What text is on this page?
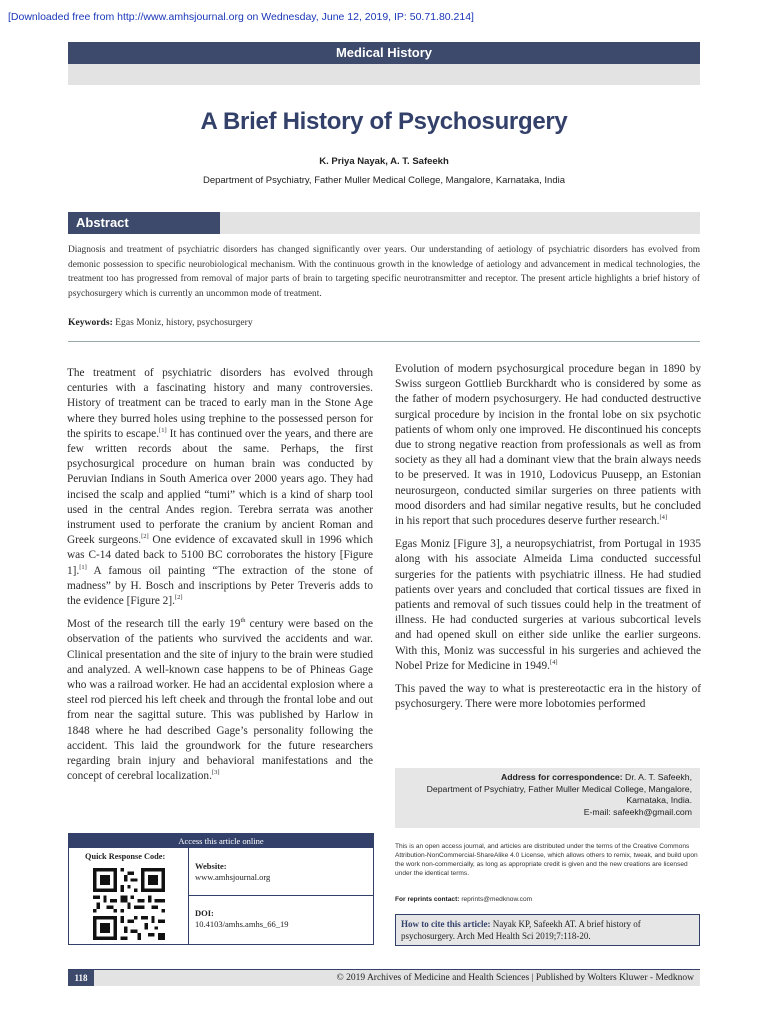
[Downloaded free from http://www.amhsjournal.org on Wednesday, June 12, 2019, IP: 50.71.80.214]
Medical History
A Brief History of Psychosurgery
K. Priya Nayak, A. T. Safeekh
Department of Psychiatry, Father Muller Medical College, Mangalore, Karnataka, India
Abstract
Diagnosis and treatment of psychiatric disorders has changed significantly over years. Our understanding of aetiology of psychiatric disorders has evolved from demonic possession to specific neurobiological mechanism. With the continuous growth in the knowledge of aetiology and advancement in medical technologies, the treatment too has progressed from removal of major parts of brain to targeting specific neurotransmitter and receptor. The present article highlights a brief history of psychosurgery which is currently an uncommon mode of treatment.
Keywords: Egas Moniz, history, psychosurgery

The treatment of psychiatric disorders has evolved through centuries with a fascinating history and many controversies. History of treatment can be traced to early man in the Stone Age where they burred holes using trephine to the possessed person for the spirits to escape.[1] It has continued over the years, and there are few written records about the same. Perhaps, the first psychosurgical procedure on human brain was conducted by Peruvian Indians in South America over 2000 years ago. They had incised the scalp and applied “tumi” which is a kind of sharp tool used in the central Andes region. Terebra serrata was another instrument used to perforate the cranium by ancient Roman and Greek surgeons.[2] One evidence of excavated skull in 1996 which was C-14 dated back to 5100 BC corroborates the history [Figure 1].[1] A famous oil painting “The extraction of the stone of madness” by H. Bosch and inscriptions by Peter Treveris adds to the evidence [Figure 2].[2]

Most of the research till the early 19th century were based on the observation of the patients who survived the accidents and war. Clinical presentation and the site of injury to the brain were studied and analyzed. A well-known case happens to be of Phineas Gage who was a railroad worker. He had an accidental explosion where a steel rod pierced his left cheek and through the frontal lobe and out from near the sagittal suture. This was published by Harlow in 1848 where he had described Gage’s personality following the accident. This laid the groundwork for the future researchers regarding brain injury and behavioral manifestations and the concept of cerebral localization.[3]

Evolution of modern psychosurgical procedure began in 1890 by Swiss surgeon Gottlieb Burckhardt who is considered by some as the father of modern psychosurgery. He had conducted destructive surgical procedure by incision in the frontal lobe on six psychotic patients of whom only one improved. He discontinued his concepts due to strong negative reaction from professionals as well as from society as they all had a dominant view that the brain always needs to be preserved. It was in 1910, Lodovicus Puusepp, an Estonian neurosurgeon, conducted similar surgeries on three patients with mood disorders and had similar negative results, but he concluded in his report that such procedures deserve further research.[4]

Egas Moniz [Figure 3], a neuropsychiatrist, from Portugal in 1935 along with his associate Almeida Lima conducted successful surgeries for the patients with psychiatric illness. He had studied patients over years and concluded that cortical tissues are fixed in patients and removal of such tissues could help in the treatment of illness. He had conducted surgeries at various subcortical levels and had opened skull on either side unlike the earlier surgeons. With this, Moniz was successful in his surgeries and achieved the Nobel Prize for Medicine in 1949.[4]

This paved the way to what is prestereotactic era in the history of psychosurgery. There were more lobotomies performed

Address for correspondence: Dr. A. T. Safeekh,
Department of Psychiatry, Father Muller Medical College, Mangalore,
Karnataka, India.
E-mail: safeekh@gmail.com
Access this article online
Quick Response Code:
Website:
www.amhsjournal.org
DOI:
10.4103/amhs.amhs_66_19
This is an open access journal, and articles are distributed under the terms of the Creative Commons Attribution-NonCommercial-ShareAlike 4.0 License, which allows others to remix, tweak, and build upon the work non-commercially, as long as appropriate credit is given and the new creations are licensed under the identical terms.
For reprints contact: reprints@medknow.com
How to cite this article: Nayak KP, Safeekh AT. A brief history of psychosurgery. Arch Med Health Sci 2019;7:118-20.
118	© 2019 Archives of Medicine and Health Sciences | Published by Wolters Kluwer - Medknow
